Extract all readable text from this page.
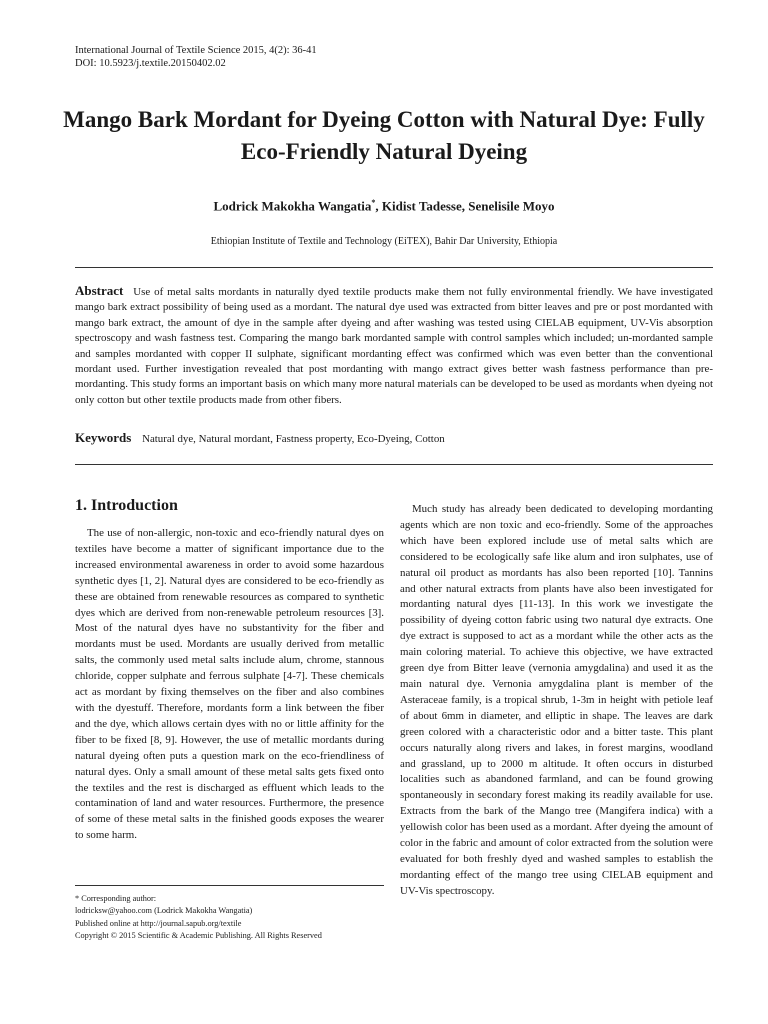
International Journal of Textile Science 2015, 4(2): 36-41
DOI: 10.5923/j.textile.20150402.02
Mango Bark Mordant for Dyeing Cotton with Natural Dye: Fully Eco-Friendly Natural Dyeing
Lodrick Makokha Wangatia*, Kidist Tadesse, Senelisile Moyo
Ethiopian Institute of Textile and Technology (EiTEX), Bahir Dar University, Ethiopia

Abstract Use of metal salts mordants in naturally dyed textile products make them not fully environmental friendly. We have investigated mango bark extract possibility of being used as a mordant. The natural dye used was extracted from bitter leaves and pre or post mordanted with mango bark extract, the amount of dye in the sample after dyeing and after washing was tested using CIELAB equipment, UV-Vis absorption spectroscopy and wash fastness test. Comparing the mango bark mordanted sample with control samples which included; un-mordanted sample and samples mordanted with copper II sulphate, significant mordanting effect was confirmed which was even better than the conventional mordant used. Further investigation revealed that post mordanting with mango extract gives better wash fastness performance than pre-mordanting. This study forms an important basis on which many more natural materials can be developed to be used as mordants when dyeing not only cotton but other textile products made from other fibers.

Keywords Natural dye, Natural mordant, Fastness property, Eco-Dyeing, Cotton
1. Introduction

The use of non-allergic, non-toxic and eco-friendly natural dyes on textiles have become a matter of significant importance due to the increased environmental awareness in order to avoid some hazardous synthetic dyes [1, 2]. Natural dyes are considered to be eco-friendly as these are obtained from renewable resources as compared to synthetic dyes which are derived from non-renewable petroleum resources [3]. Most of the natural dyes have no substantivity for the fiber and mordants must be used. Mordants are usually derived from metallic salts, the commonly used metal salts include alum, chrome, stannous chloride, copper sulphate and ferrous sulphate [4-7]. These chemicals act as mordant by fixing themselves on the fiber and also combines with the dyestuff. Therefore, mordants form a link between the fiber and the dye, which allows certain dyes with no or little affinity for the fiber to be fixed [8, 9]. However, the use of metallic mordants during natural dyeing often puts a question mark on the eco-friendliness of natural dyes. Only a small amount of these metal salts gets fixed onto the textiles and the rest is discharged as effluent which leads to the contamination of land and water resources. Furthermore, the presence of some of these metal salts in the finished goods exposes the wearer to some harm.

Much study has already been dedicated to developing mordanting agents which are non toxic and eco-friendly. Some of the approaches which have been explored include use of metal salts which are considered to be ecologically safe like alum and iron sulphates, use of natural oil product as mordants has also been reported [10]. Tannins and other natural extracts from plants have also been investigated for mordanting natural dyes [11-13]. In this work we investigate the possibility of dyeing cotton fabric using two natural dye extracts. One dye extract is supposed to act as a mordant while the other acts as the main coloring material. To achieve this objective, we have extracted green dye from Bitter leave (vernonia amygdalina) and used it as the main natural dye. Vernonia amygdalina plant is member of the Asteraceae family, is a tropical shrub, 1-3m in height with petiole leaf of about 6mm in diameter, and elliptic in shape. The leaves are dark green colored with a characteristic odor and a bitter taste. This plant occurs naturally along rivers and lakes, in forest margins, woodland and grassland, up to 2000 m altitude. It often occurs in disturbed localities such as abandoned farmland, and can be found growing spontaneously in secondary forest making its readily available for use. Extracts from the bark of the Mango tree (Mangifera indica) with a yellowish color has been used as a mordant. After dyeing the amount of color in the fabric and amount of color extracted from the solution were evaluated for both freshly dyed and washed samples to establish the mordanting effect of the mango tree using CIELAB equipment and UV-Vis spectroscopy.

* Corresponding author:
lodricksw@yahoo.com (Lodrick Makokha Wangatia)
Published online at http://journal.sapub.org/textile
Copyright © 2015 Scientific & Academic Publishing. All Rights Reserved
